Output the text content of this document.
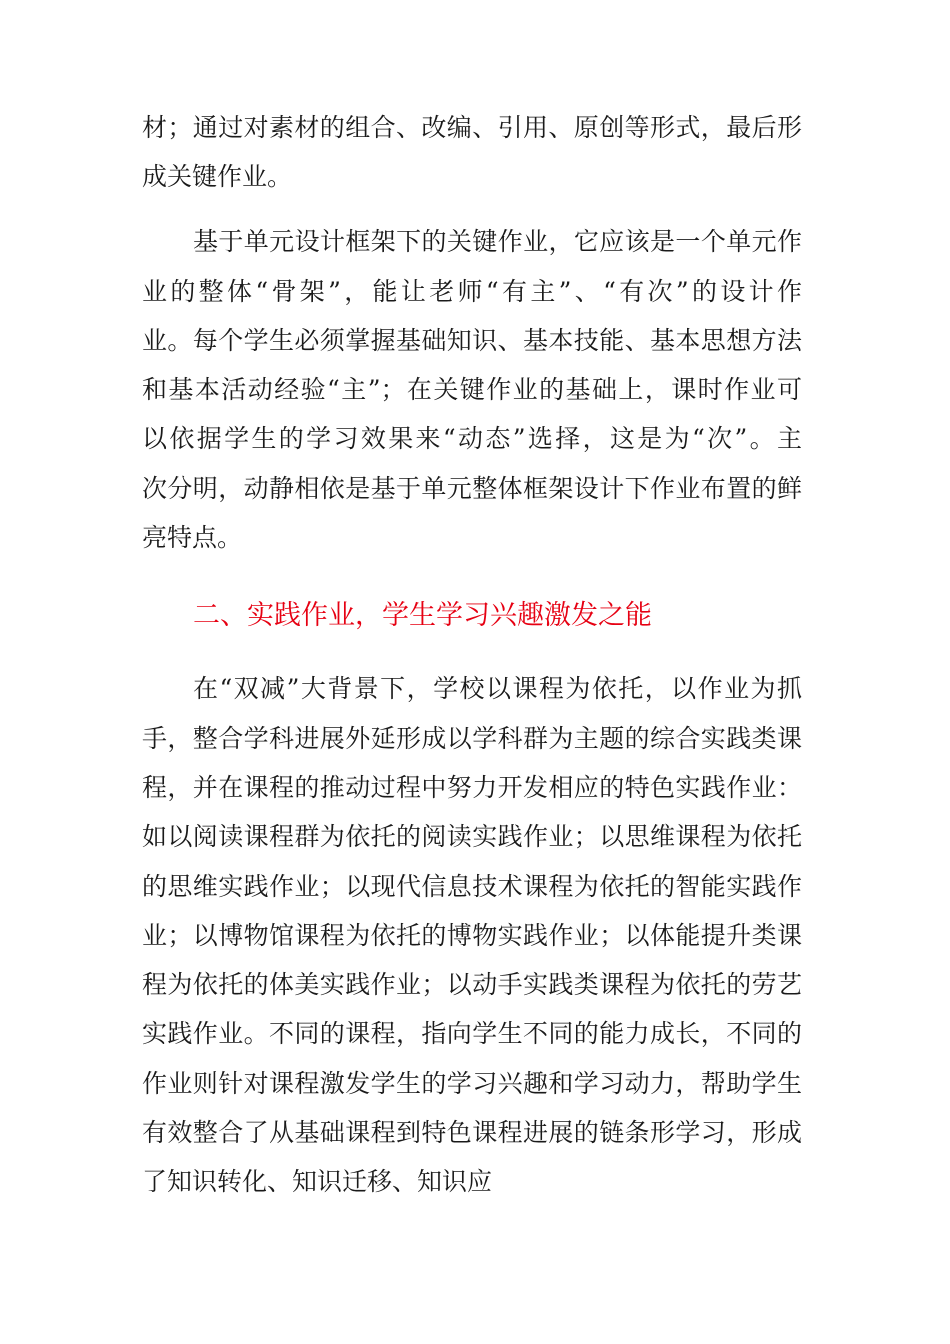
材；通过对素材的组合、改编、引用、原创等形式，最后形
成关键作业。
基于单元设计框架下的关键作业，它应该是一个单元作
业的整体“骨架”，能让老师“有主”、“有次”的设计作
业。每个学生必须掌握基础知识、基本技能、基本思想方法
和基本活动经验“主”；在关键作业的基础上，课时作业可
以依据学生的学习效果来“动态”选择，这是为“次”。主
次分明，动静相依是基于单元整体框架设计下作业布置的鲜
亮特点。
二、实践作业，学生学习兴趣激发之能
在“双减”大背景下，学校以课程为依托，以作业为抓
手，整合学科进展外延形成以学科群为主题的综合实践类课
程，并在课程的推动过程中努力开发相应的特色实践作业：
如以阅读课程群为依托的阅读实践作业；以思维课程为依托
的思维实践作业；以现代信息技术课程为依托的智能实践作
业；以博物馆课程为依托的博物实践作业；以体能提升类课
程为依托的体美实践作业；以动手实践类课程为依托的劳艺
实践作业。不同的课程，指向学生不同的能力成长，不同的
作业则针对课程激发学生的学习兴趣和学习动力，帮助学生
有效整合了从基础课程到特色课程进展的链条形学习，形成
了知识转化、知识迁移、知识应
